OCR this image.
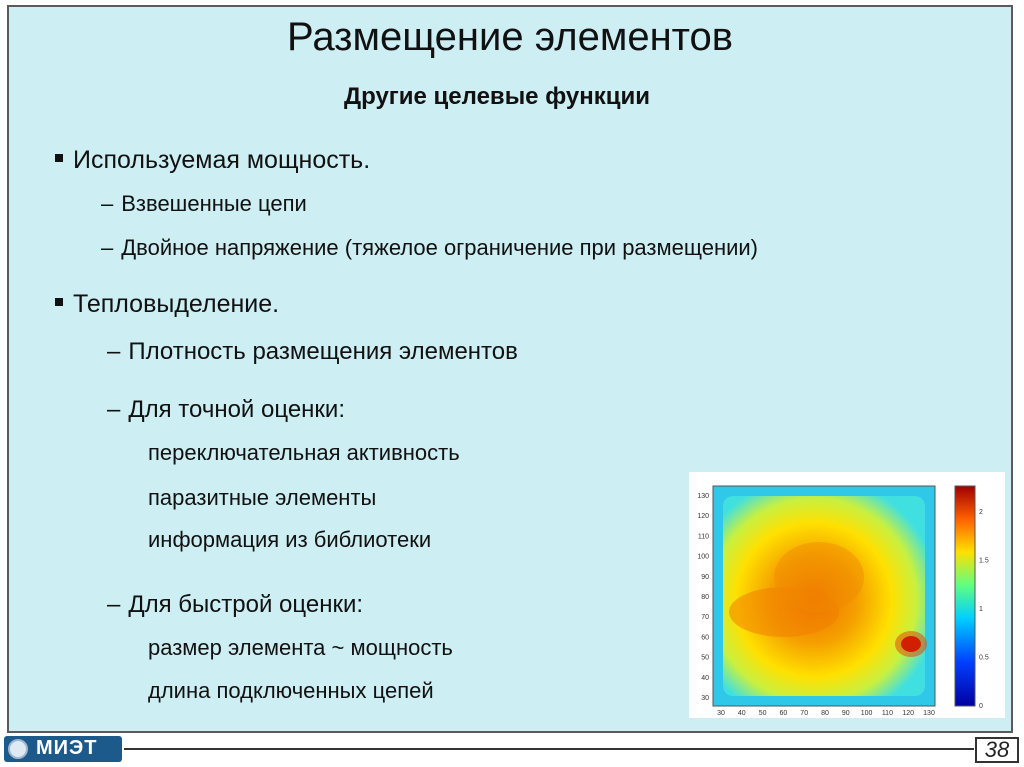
Размещение элементов
Другие целевые функции
Используемая мощность.
– Взвешенные цепи
– Двойное напряжение (тяжелое ограничение при размещении)
Тепловыделение.
– Плотность размещения элементов
– Для точной оценки:
переключательная активность
паразитные элементы
информация из библиотеки
– Для быстрой оценки:
размер элемента ~ мощность
длина подключенных цепей
30 40 50 60 70 80 90 100 110 120 130
130
120
110
100
90
80
70
60
50
40
30
2
1.5
1
0.5
0
МИЭТ	38
